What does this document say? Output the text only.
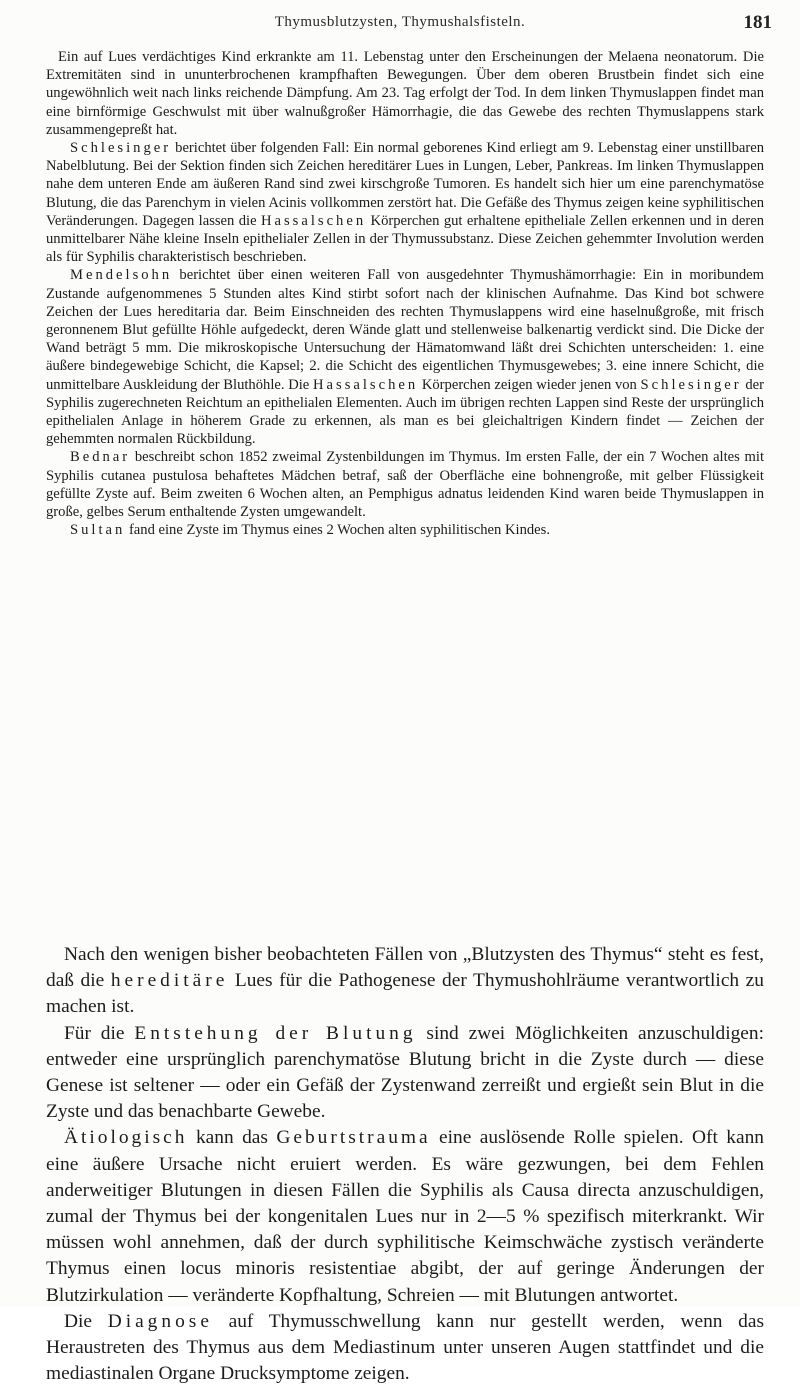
Thymusblutzysten, Thymushalsfisteln.	181

Ein auf Lues verdächtiges Kind erkrankte am 11. Lebenstag unter den Erscheinungen der Melaena neonatorum. Die Extremitäten sind in ununterbrochenen krampfhaften Bewegungen. Über dem oberen Brustbein findet sich eine ungewöhnlich weit nach links reichende Dämpfung. Am 23. Tag erfolgt der Tod. In dem linken Thymuslappen findet man eine birnförmige Geschwulst mit über walnußgroßer Hämorrhagie, die das Gewebe des rechten Thymuslappens stark zusammengepreßt hat.

Schlesinger berichtet über folgenden Fall: Ein normal geborenes Kind erliegt am 9. Lebenstag einer unstillbaren Nabelblutung. Bei der Sektion finden sich Zeichen hereditärer Lues in Lungen, Leber, Pankreas. Im linken Thymuslappen nahe dem unteren Ende am äußeren Rand sind zwei kirschgroße Tumoren. Es handelt sich hier um eine parenchymatöse Blutung, die das Parenchym in vielen Acinis vollkommen zerstört hat. Die Gefäße des Thymus zeigen keine syphilitischen Veränderungen. Dagegen lassen die Hassalschen Körperchen gut erhaltene epitheliale Zellen erkennen und in deren unmittelbarer Nähe kleine Inseln epithelialer Zellen in der Thymussubstanz. Diese Zeichen gehemmter Involution werden als für Syphilis charakteristisch beschrieben.

Mendelsohn berichtet über einen weiteren Fall von ausgedehnter Thymushämorrhagie: Ein in moribundem Zustande aufgenommenes 5 Stunden altes Kind stirbt sofort nach der klinischen Aufnahme. Das Kind bot schwere Zeichen der Lues hereditaria dar. Beim Einschneiden des rechten Thymuslappens wird eine haselnußgroße, mit frisch geronnenem Blut gefüllte Höhle aufgedeckt, deren Wände glatt und stellenweise balkenartig verdickt sind. Die Dicke der Wand beträgt 5 mm. Die mikroskopische Untersuchung der Hämatomwand läßt drei Schichten unterscheiden: 1. eine äußere bindegewebige Schicht, die Kapsel; 2. die Schicht des eigentlichen Thymusgewebes; 3. eine innere Schicht, die unmittelbare Auskleidung der Bluthöhle. Die Hassalschen Körperchen zeigen wieder jenen von Schlesinger der Syphilis zugerechneten Reichtum an epithelialen Elementen. Auch im übrigen rechten Lappen sind Reste der ursprünglich epithelialen Anlage in höherem Grade zu erkennen, als man es bei gleichaltrigen Kindern findet — Zeichen der gehemmten normalen Rückbildung.

Bednar beschreibt schon 1852 zweimal Zystenbildungen im Thymus. Im ersten Falle, der ein 7 Wochen altes mit Syphilis cutanea pustulosa behaftetes Mädchen betraf, saß der Oberfläche eine bohnengroße, mit gelber Flüssigkeit gefüllte Zyste auf. Beim zweiten 6 Wochen alten, an Pemphigus adnatus leidenden Kind waren beide Thymuslappen in große, gelbes Serum enthaltende Zysten umgewandelt.

Sultan fand eine Zyste im Thymus eines 2 Wochen alten syphilitischen Kindes.

Nach den wenigen bisher beobachteten Fällen von „Blutzysten des Thymus“ steht es fest, daß die hereditäre Lues für die Pathogenese der Thymushohlräume verantwortlich zu machen ist.

Für die Entstehung der Blutung sind zwei Möglichkeiten anzuschuldigen: entweder eine ursprünglich parenchymatöse Blutung bricht in die Zyste durch — diese Genese ist seltener — oder ein Gefäß der Zystenwand zerreißt und ergießt sein Blut in die Zyste und das benachbarte Gewebe.

Ätiologisch kann das Geburtstrauma eine auslösende Rolle spielen. Oft kann eine äußere Ursache nicht eruiert werden. Es wäre gezwungen, bei dem Fehlen anderweitiger Blutungen in diesen Fällen die Syphilis als Causa directa anzuschuldigen, zumal der Thymus bei der kongenitalen Lues nur in 2—5 % spezifisch miterkrankt. Wir müssen wohl annehmen, daß der durch syphilitische Keimschwäche zystisch veränderte Thymus einen locus minoris resistentiae abgibt, der auf geringe Änderungen der Blutzirkulation — veränderte Kopfhaltung, Schreien — mit Blutungen antwortet.

Die Diagnose auf Thymusschwellung kann nur gestellt werden, wenn das Heraustreten des Thymus aus dem Mediastinum unter unseren Augen stattfindet und die mediastinalen Organe Drucksymptome zeigen.
